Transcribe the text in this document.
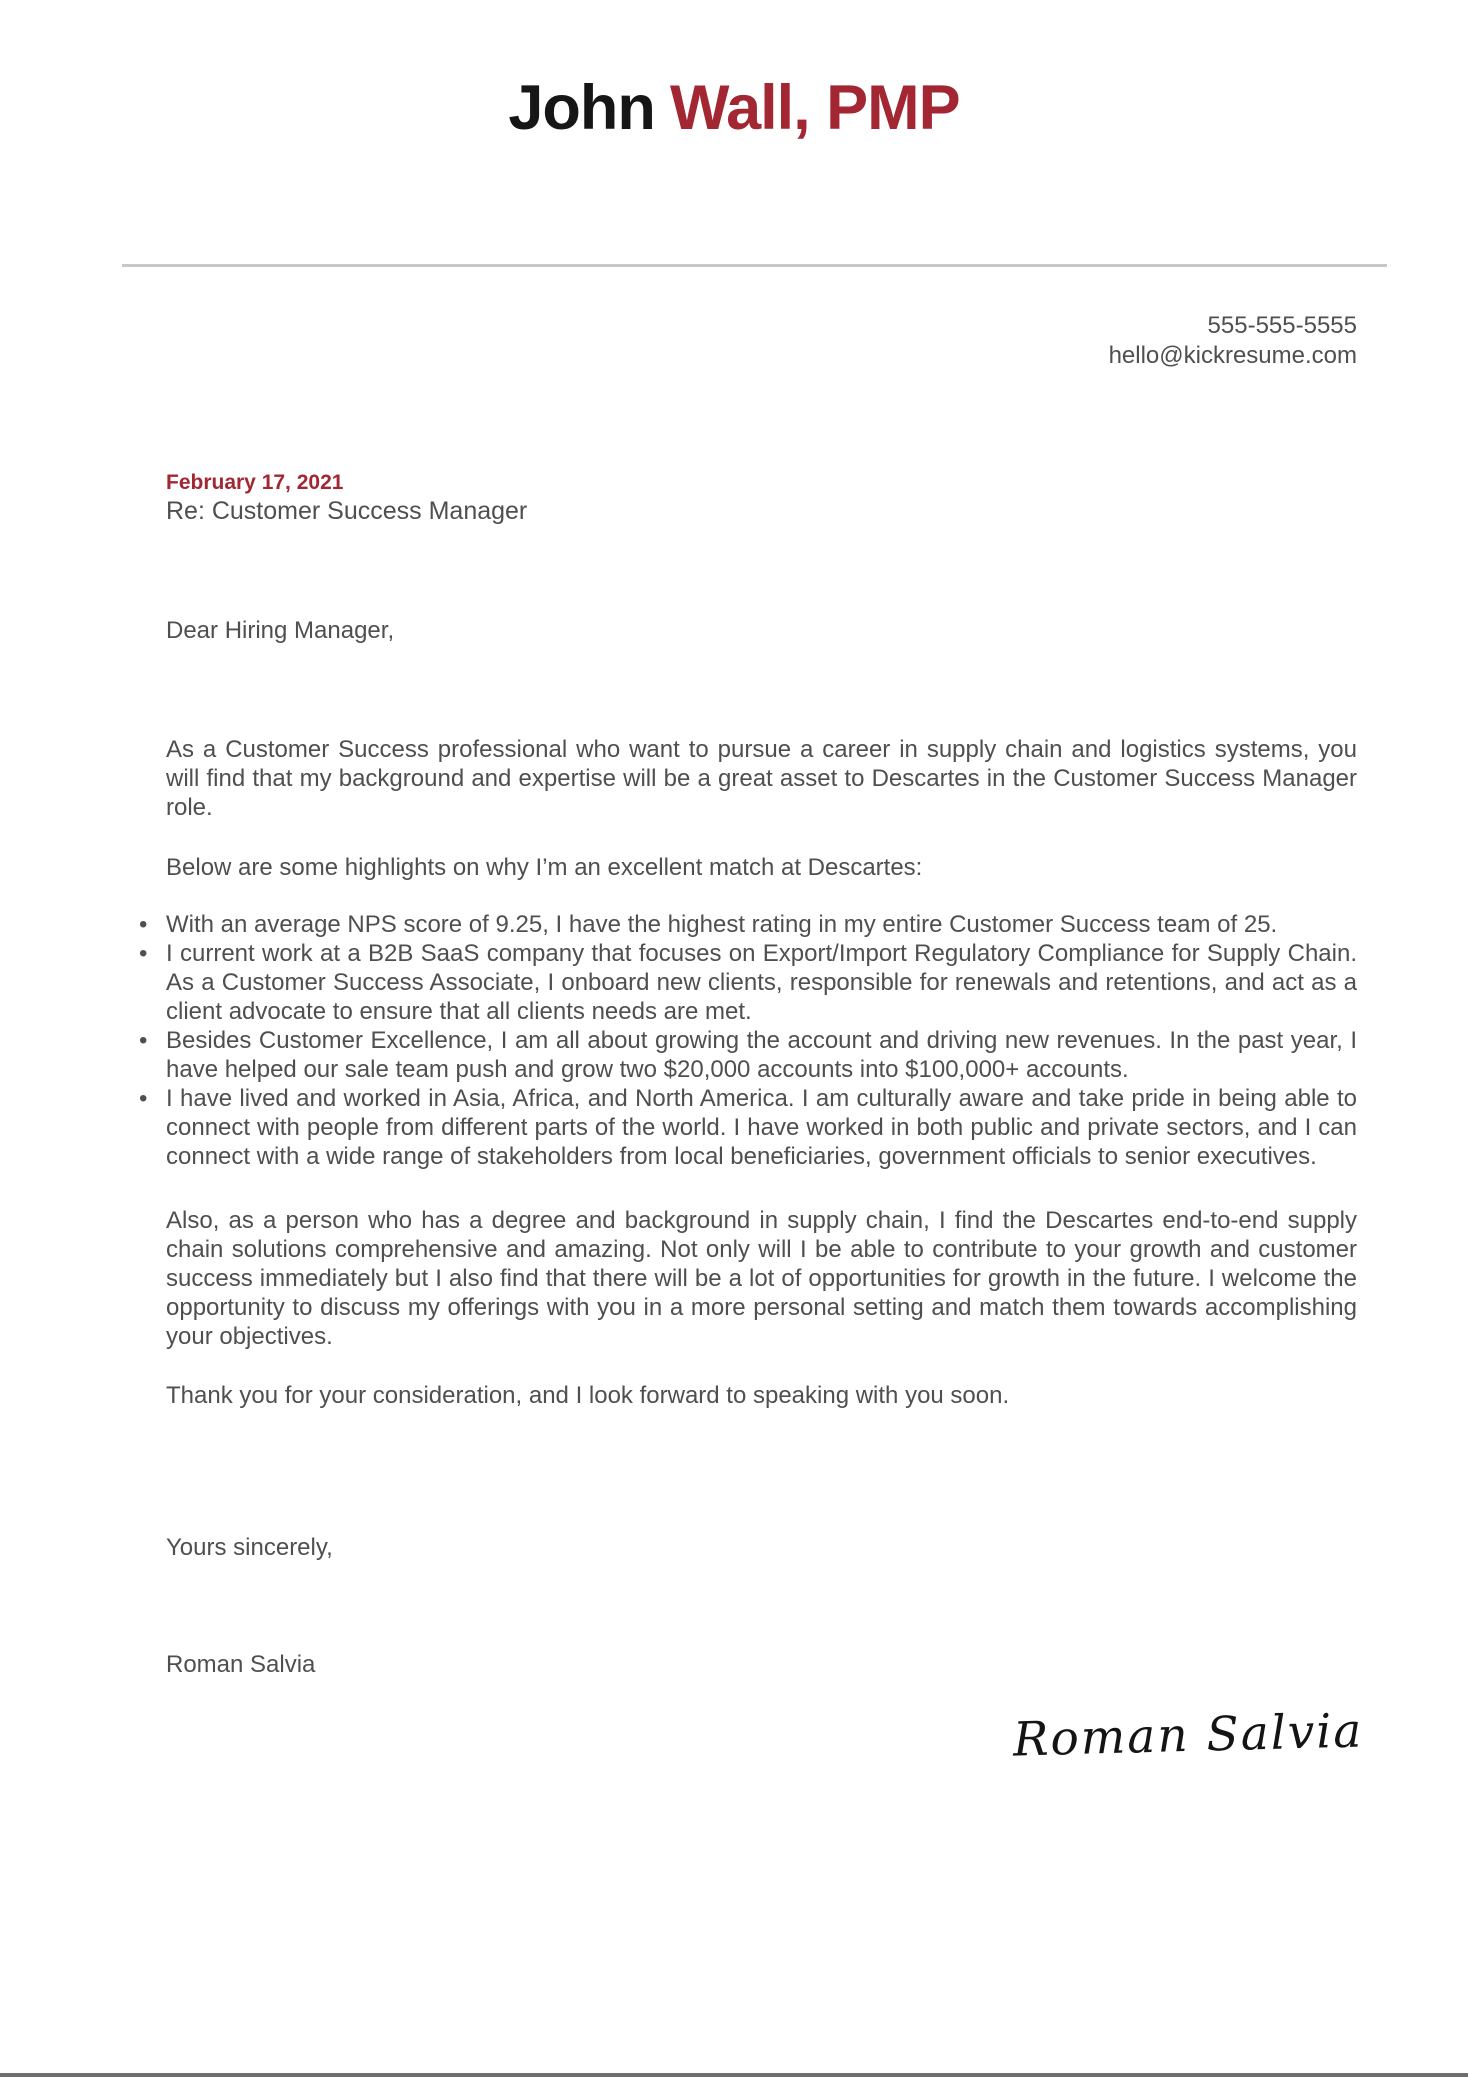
John Wall, PMP
555-555-5555
hello@kickresume.com
February 17, 2021
Re: Customer Success Manager
Dear Hiring Manager,

As a Customer Success professional who want to pursue a career in supply chain and logistics systems, you will find that my background and expertise will be a great asset to Descartes in the Customer Success Manager role.

Below are some highlights on why I’m an excellent match at Descartes:

• With an average NPS score of 9.25, I have the highest rating in my entire Customer Success team of 25.
• I current work at a B2B SaaS company that focuses on Export/Import Regulatory Compliance for Supply Chain. As a Customer Success Associate, I onboard new clients, responsible for renewals and retentions, and act as a client advocate to ensure that all clients needs are met.
• Besides Customer Excellence, I am all about growing the account and driving new revenues. In the past year, I have helped our sale team push and grow two $20,000 accounts into $100,000+ accounts.
• I have lived and worked in Asia, Africa, and North America. I am culturally aware and take pride in being able to connect with people from different parts of the world. I have worked in both public and private sectors, and I can connect with a wide range of stakeholders from local beneficiaries, government officials to senior executives.

Also, as a person who has a degree and background in supply chain, I find the Descartes end-to-end supply chain solutions comprehensive and amazing. Not only will I be able to contribute to your growth and customer success immediately but I also find that there will be a lot of opportunities for growth in the future. I welcome the opportunity to discuss my offerings with you in a more personal setting and match them towards accomplishing your objectives.

Thank you for your consideration, and I look forward to speaking with you soon.

Yours sincerely,
Roman Salvia
Roman Salvia
